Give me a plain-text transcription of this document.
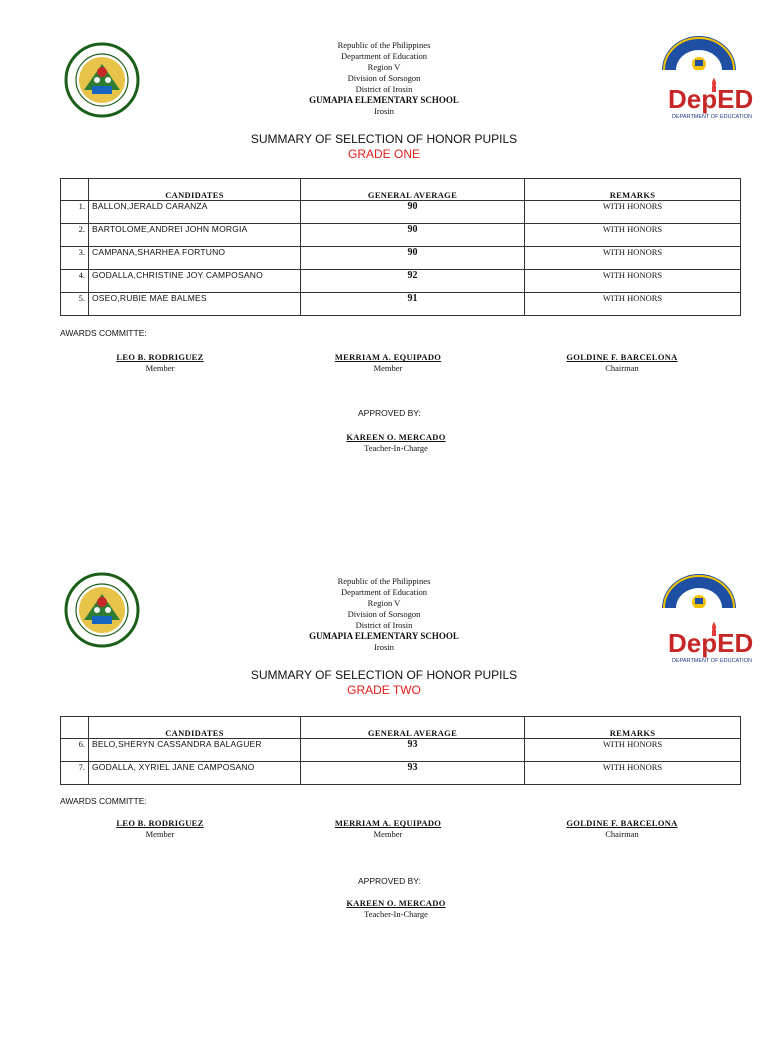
DepED
DEPARTMENT OF EDUCATION
Republic of the Philippines
Department of Education
Region V
Division of Sorsogon
District of Irosin
GUMAPIA ELEMENTARY SCHOOL
Irosin
SUMMARY OF SELECTION OF HONOR PUPILS
GRADE ONE
	CANDIDATES	GENERAL AVERAGE	REMARKS
1.	BALLON,JERALD CARANZA	90	WITH HONORS
2.	BARTOLOME,ANDREI JOHN MORGIA	90	WITH HONORS
3.	CAMPANA,SHARHEA FORTUNO	90	WITH HONORS
4.	GODALLA,CHRISTINE JOY CAMPOSANO	92	WITH HONORS
5.	OSEO,RUBIE MAE BALMES	91	WITH HONORS
AWARDS COMMITTE:
LEO B. RODRIGUEZ
Member
MERRIAM A. EQUIPADO
Member
GOLDINE F. BARCELONA
Chairman
APPROVED BY:
KAREEN O. MERCADO
Teacher-In-Charge
DepED
DEPARTMENT OF EDUCATION
Republic of the Philippines
Department of Education
Region V
Division of Sorsogon
District of Irosin
GUMAPIA ELEMENTARY SCHOOL
Irosin
SUMMARY OF SELECTION OF HONOR PUPILS
GRADE TWO
	CANDIDATES	GENERAL AVERAGE	REMARKS
6.	BELO,SHERYN CASSANDRA BALAGUER	93	WITH HONORS
7.	GODALLA, XYRIEL JANE CAMPOSANO	93	WITH HONORS
AWARDS COMMITTE:
LEO B. RODRIGUEZ
Member
MERRIAM A. EQUIPADO
Member
GOLDINE F. BARCELONA
Chairman
APPROVED BY:
KAREEN O. MERCADO
Teacher-In-Charge
